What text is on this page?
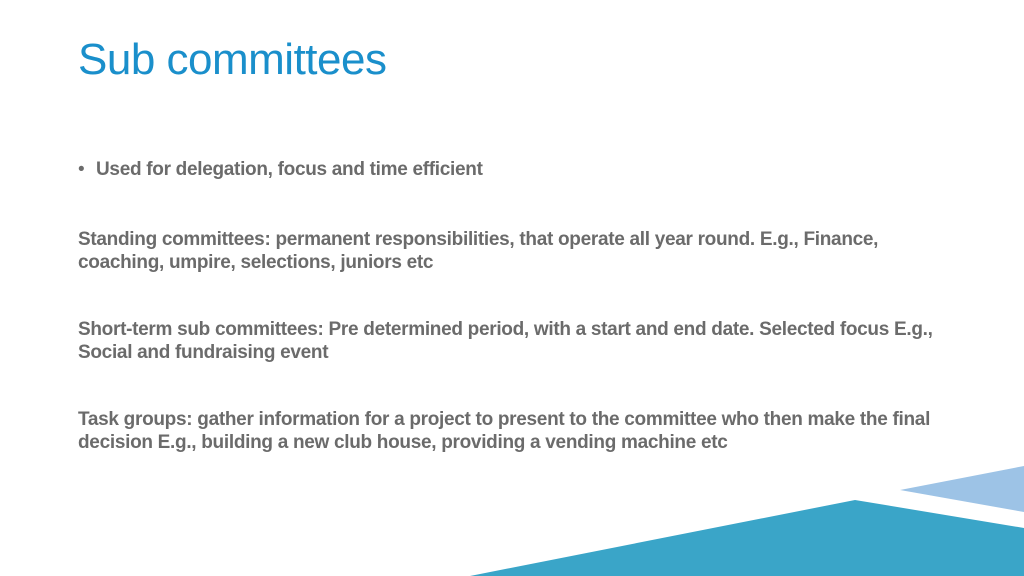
Sub committees
• Used for delegation, focus and time efficient

Standing committees: permanent responsibilities, that operate all year round. E.g., Finance, coaching, umpire, selections, juniors etc

Short-term sub committees: Pre determined period, with a start and end date. Selected focus E.g., Social and fundraising event

Task groups: gather information for a project to present to the committee who then make the final decision E.g., building a new club house, providing a vending machine etc
